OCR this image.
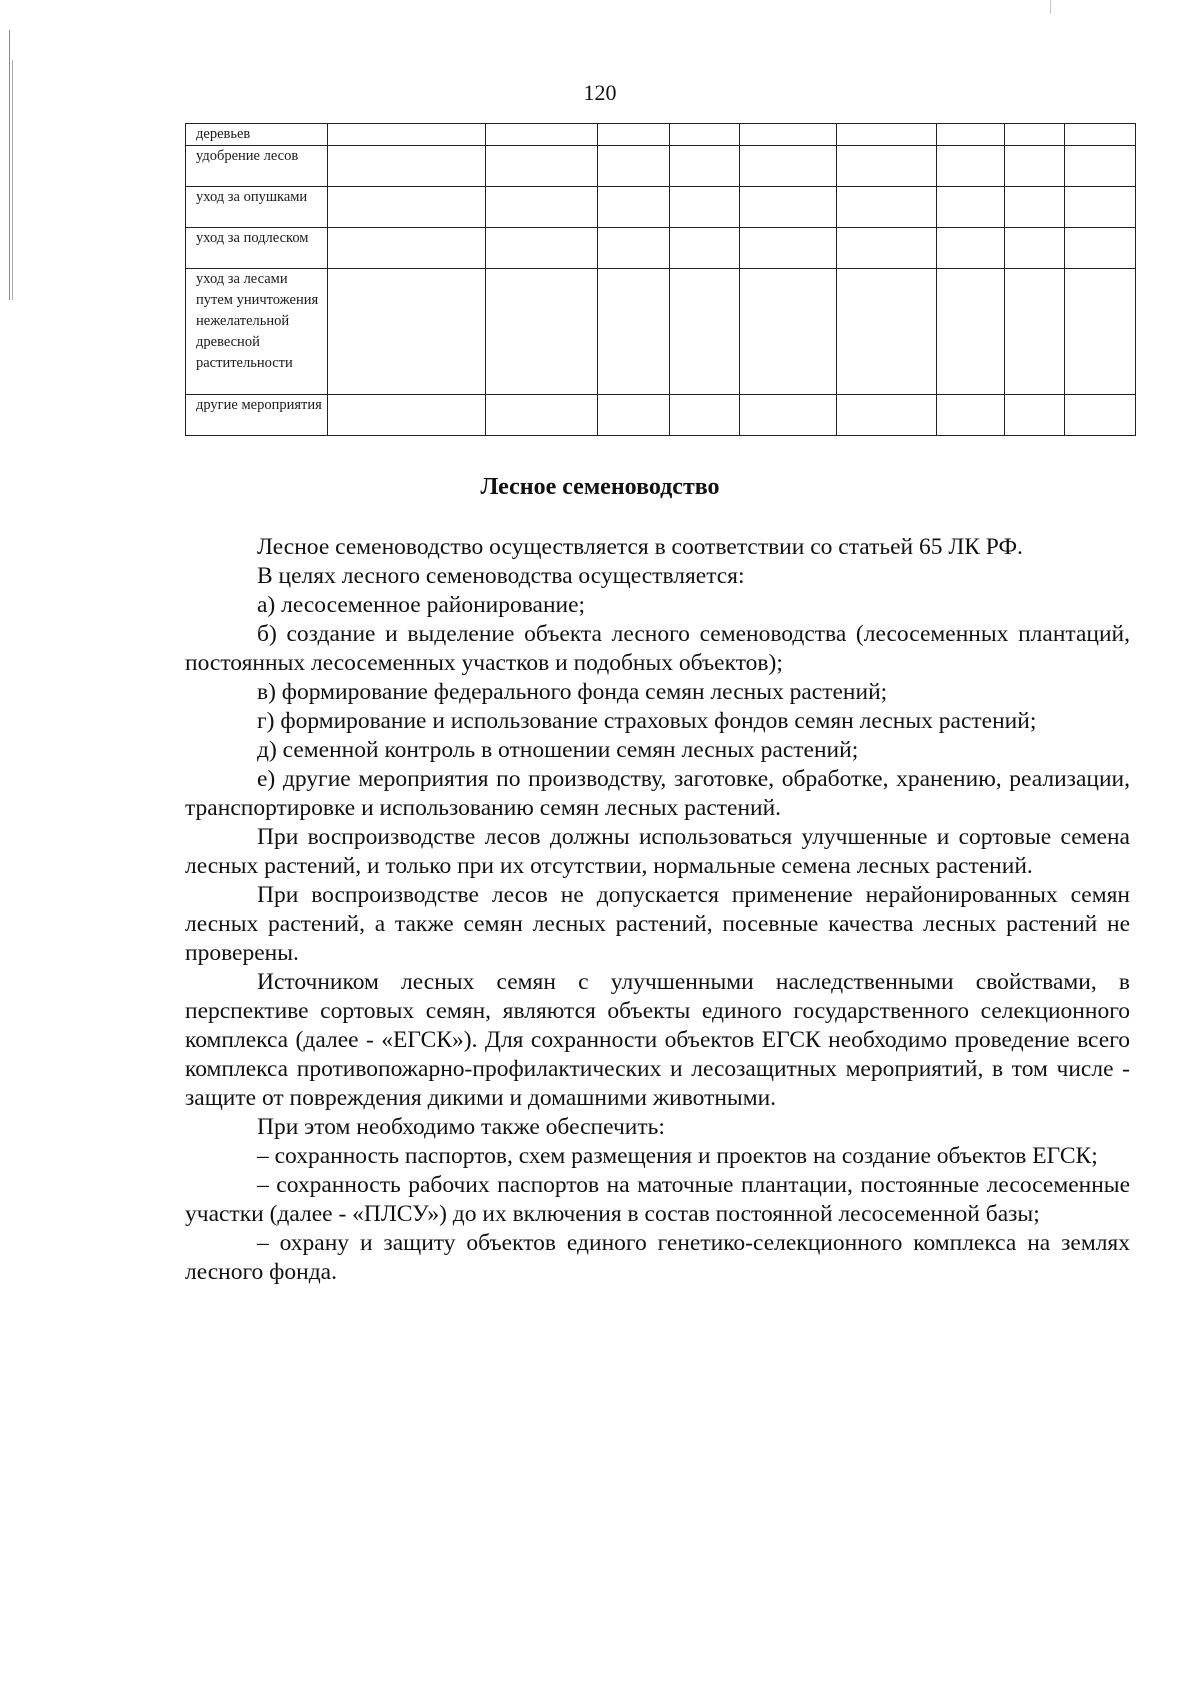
120
деревьев									
удобрение лесов									
уход за опушками									
уход за подлеском									
уход за лесами путем уничтожения нежелательной древесной растительности									
другие мероприятия									
Лесное семеноводство

Лесное семеноводство осуществляется в соответствии со статьей 65 ЛК РФ.

В целях лесного семеноводства осуществляется:

а) лесосеменное районирование;

б) создание и выделение объекта лесного семеноводства (лесосеменных плантаций, постоянных лесосеменных участков и подобных объектов);

в) формирование федерального фонда семян лесных растений;

г) формирование и использование страховых фондов семян лесных растений;

д) семенной контроль в отношении семян лесных растений;

е) другие мероприятия по производству, заготовке, обработке, хранению, реализации, транспортировке и использованию семян лесных растений.

При воспроизводстве лесов должны использоваться улучшенные и сортовые семена лесных растений, и только при их отсутствии, нормальные семена лесных растений.

При воспроизводстве лесов не допускается применение нерайонированных семян лесных растений, а также семян лесных растений, посевные качества лесных растений не проверены.

Источником лесных семян с улучшенными наследственными свойствами, в перспективе сортовых семян, являются объекты единого государственного селекционного комплекса (далее - «ЕГСК»). Для сохранности объектов ЕГСК необходимо проведение всего комплекса противопожарно-профилактических и лесозащитных мероприятий, в том числе - защите от повреждения дикими и домашними животными.

При этом необходимо также обеспечить:

– сохранность паспортов, схем размещения и проектов на создание объектов ЕГСК;

– сохранность рабочих паспортов на маточные плантации, постоянные лесосеменные участки (далее - «ПЛСУ») до их включения в состав постоянной лесосеменной базы;

– охрану и защиту объектов единого генетико-селекционного комплекса на землях лесного фонда.
